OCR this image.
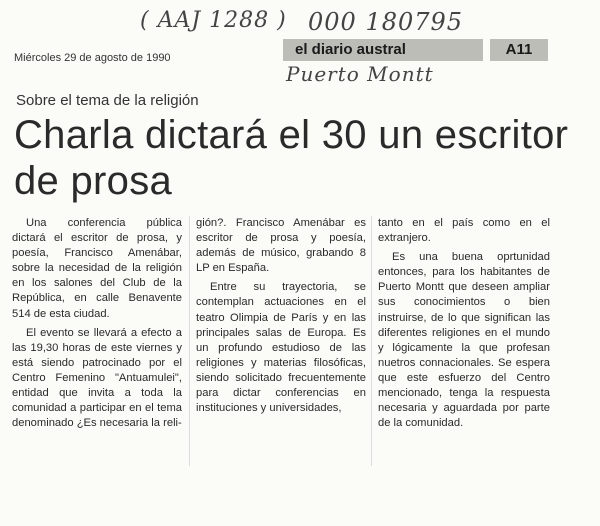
( AAJ 1288 ) 000 180795
Puerto Montt
Miércoles 29 de agosto de 1990	el diario austral	A11
Sobre el tema de la religión
Charla dictará el 30 un escritor de prosa

Una conferencia pública dictará el escritor de prosa, y poesía, Francisco Amenábar, sobre la necesidad de la religión en los salones del Club de la República, en calle Benavente 514 de esta ciudad.

El evento se llevará a efecto a las 19,30 horas de este viernes y está siendo patrocinado por el Centro Femenino "Antuamulei", entidad que invita a toda la comunidad a participar en el tema denominado ¿Es necesaria la reli-

gión?. Francisco Amenábar es escritor de prosa y poesía, además de músico, grabando 8 LP en España.

Entre su trayectoria, se contemplan actuaciones en el teatro Olimpia de París y en las principales salas de Europa. Es un profundo estudioso de las religiones y materias filosóficas, siendo solicitado frecuentemente para dictar conferencias en instituciones y universidades,

tanto en el país como en el extranjero.

Es una buena oprtunidad entonces, para los habitantes de Puerto Montt que deseen ampliar sus conocimientos o bien instruirse, de lo que significan las diferentes religiones en el mundo y lógicamente la que profesan nuetros connacionales. Se espera que este esfuerzo del Centro mencionado, tenga la respuesta necesaria y aguardada por parte de la comunidad.
